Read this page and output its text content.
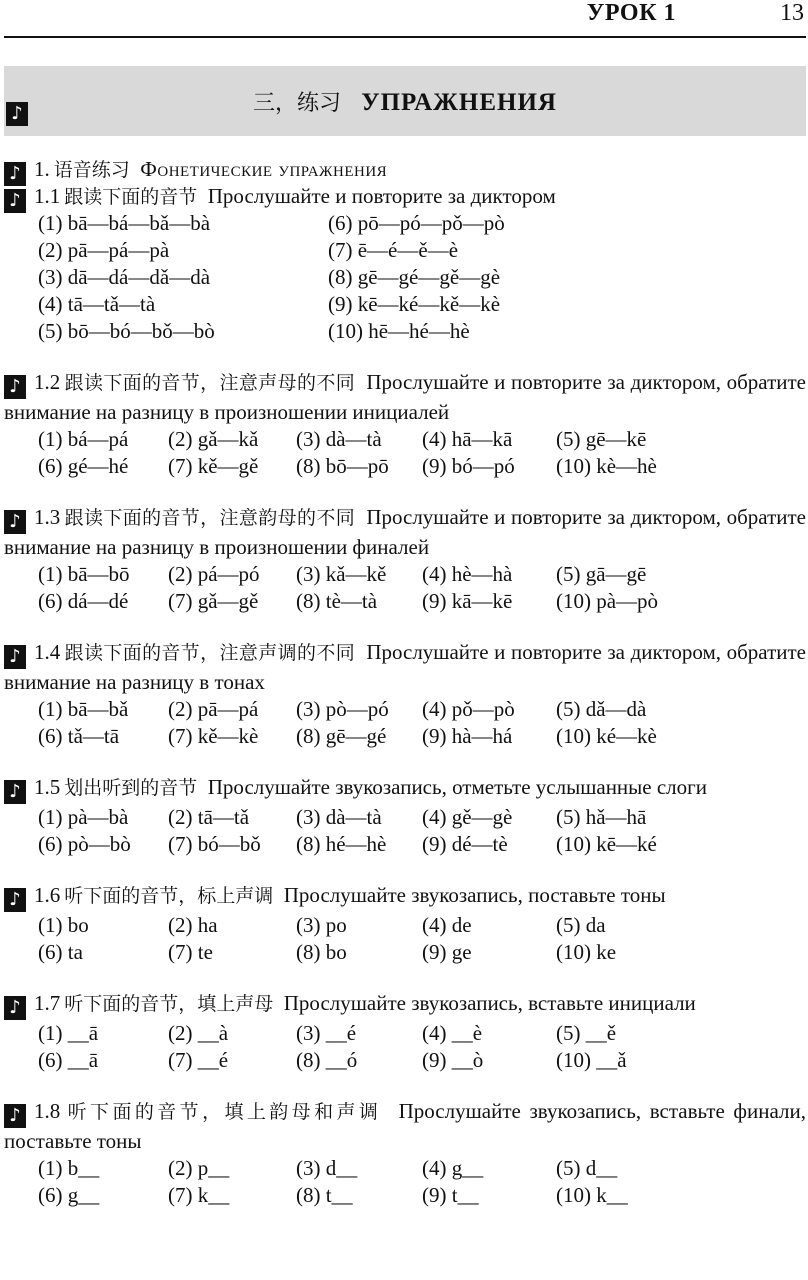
УРОК 1	13
♪	三，练习 УПРАЖНЕНИЯ
♪ 1. 语音练习 Фонетические упражнения
♪ 1.1 跟读下面的音节 Прослушайте и повторите за диктором
(1) bā—bá—bǎ—bà	(6) pō—pó—pǒ—pò
(2) pā—pá—pà	(7) ē—é—ě—è
(3) dā—dá—dǎ—dà	(8) gē—gé—gě—gè
(4) tā—tǎ—tà	(9) kē—ké—kě—kè
(5) bō—bó—bǒ—bò	(10) hē—hé—hè
♪ 1.2 跟读下面的音节，注意声母的不同 Прослушайте и повторите за диктором, обратите внимание на разницу в произношении инициалей
(1) bá—pá (2) gǎ—kǎ (3) dà—tà (4) hā—kā (5) gē—kē
(6) gé—hé (7) kě—gě (8) bō—pō (9) bó—pó (10) kè—hè
♪ 1.3 跟读下面的音节，注意韵母的不同 Прослушайте и повторите за диктором, обратите внимание на разницу в произношении финалей
(1) bā—bō (2) pá—pó (3) kǎ—kě (4) hè—hà (5) gā—gē
(6) dá—dé (7) gǎ—gě (8) tè—tà (9) kā—kē (10) pà—pò
♪ 1.4 跟读下面的音节，注意声调的不同 Прослушайте и повторите за диктором, обратите внимание на разницу в тонах
(1) bā—bǎ (2) pā—pá (3) pò—pó (4) pǒ—pò (5) dǎ—dà
(6) tǎ—tā (7) kě—kè (8) gē—gé (9) hà—há (10) ké—kè
♪ 1.5 划出听到的音节 Прослушайте звукозапись, отметьте услышанные слоги
(1) pà—bà (2) tā—tǎ (3) dà—tà (4) gě—gè (5) hǎ—hā
(6) pò—bò (7) bó—bǒ (8) hé—hè (9) dé—tè (10) kē—ké
♪ 1.6 听下面的音节，标上声调 Прослушайте звукозапись, поставьте тоны
(1) bo	(2) ha	(3) po	(4) de	(5) da
(6) ta	(7) te	(8) bo	(9) ge	(10) ke
♪ 1.7 听下面的音节，填上声母 Прослушайте звукозапись, вставьте инициали
(1) __ā	(2) __à	(3) __é	(4) __è	(5) __ě
(6) __ā	(7) __é	(8) __ó	(9) __ò	(10) __ǎ
♪ 1.8 听下面的音节，填上韵母和声调 Прослушайте звукозапись, вставьте финали, поставьте тоны
(1) b__	(2) p__	(3) d__	(4) g__	(5) d__
(6) g__	(7) k__	(8) t__	(9) t__	(10) k__
